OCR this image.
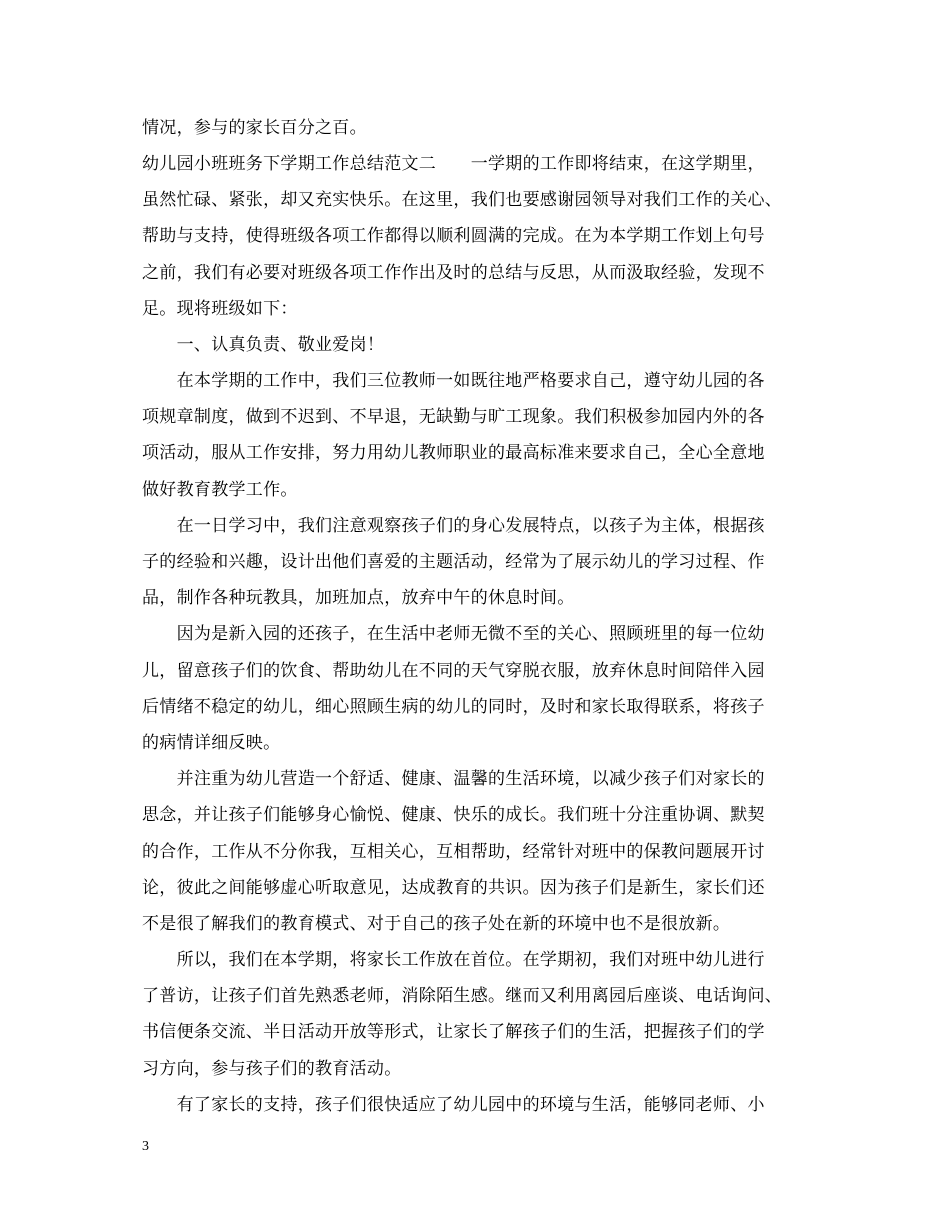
情况，参与的家长百分之百。
幼儿园小班班务下学期工作总结范文二　　一学期的工作即将结束，在这学期里，
虽然忙碌、紧张，却又充实快乐。在这里，我们也要感谢园领导对我们工作的关心、
帮助与支持，使得班级各项工作都得以顺利圆满的完成。在为本学期工作划上句号
之前，我们有必要对班级各项工作作出及时的总结与反思，从而汲取经验，发现不
足。现将班级如下：
　　一、认真负责、敬业爱岗！
　　在本学期的工作中，我们三位教师一如既往地严格要求自己，遵守幼儿园的各
项规章制度，做到不迟到、不早退，无缺勤与旷工现象。我们积极参加园内外的各
项活动，服从工作安排，努力用幼儿教师职业的最高标准来要求自己，全心全意地
做好教育教学工作。
　　在一日学习中，我们注意观察孩子们的身心发展特点，以孩子为主体，根据孩
子的经验和兴趣，设计出他们喜爱的主题活动，经常为了展示幼儿的学习过程、作
品，制作各种玩教具，加班加点，放弃中午的休息时间。
　　因为是新入园的还孩子，在生活中老师无微不至的关心、照顾班里的每一位幼
儿，留意孩子们的饮食、帮助幼儿在不同的天气穿脱衣服，放弃休息时间陪伴入园
后情绪不稳定的幼儿，细心照顾生病的幼儿的同时，及时和家长取得联系，将孩子
的病情详细反映。
　　并注重为幼儿营造一个舒适、健康、温馨的生活环境，以减少孩子们对家长的
思念，并让孩子们能够身心愉悦、健康、快乐的成长。我们班十分注重协调、默契
的合作，工作从不分你我，互相关心，互相帮助，经常针对班中的保教问题展开讨
论，彼此之间能够虚心听取意见，达成教育的共识。因为孩子们是新生，家长们还
不是很了解我们的教育模式、对于自己的孩子处在新的环境中也不是很放新。
　　所以，我们在本学期，将家长工作放在首位。在学期初，我们对班中幼儿进行
了普访，让孩子们首先熟悉老师，消除陌生感。继而又利用离园后座谈、电话询问、
书信便条交流、半日活动开放等形式，让家长了解孩子们的生活，把握孩子们的学
习方向，参与孩子们的教育活动。
　　有了家长的支持，孩子们很快适应了幼儿园中的环境与生活，能够同老师、小
3
